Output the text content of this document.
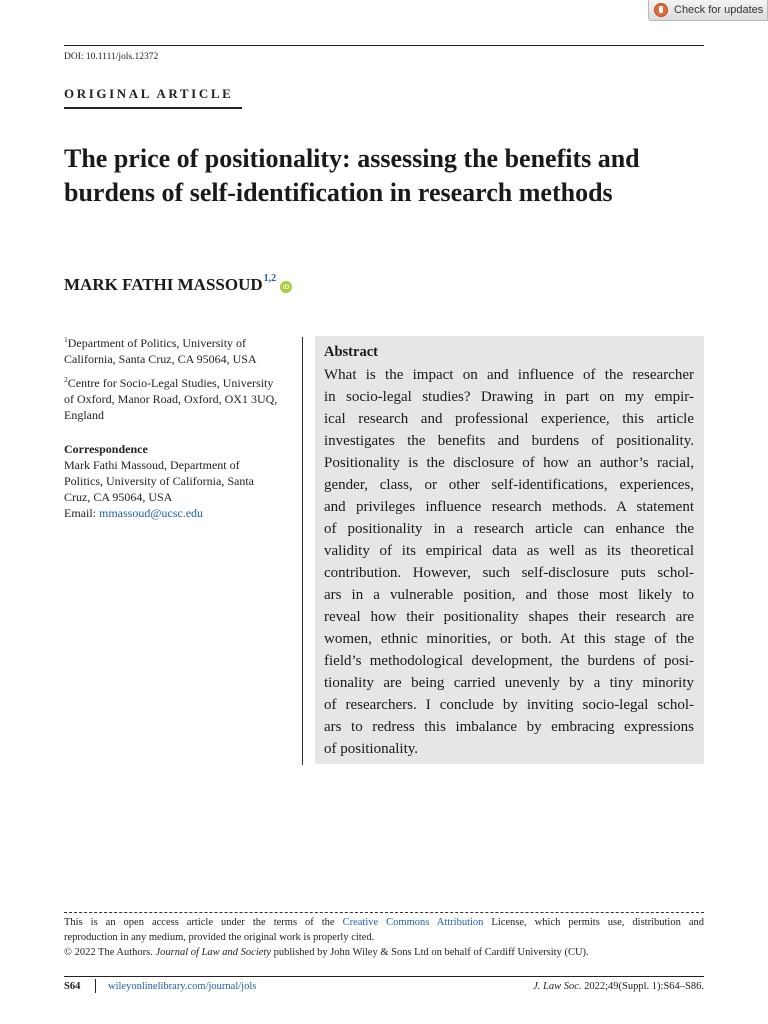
Check for updates
DOI: 10.1111/jols.12372
ORIGINAL ARTICLE
The price of positionality: assessing the benefits and burdens of self-identification in research methods
MARK FATHI MASSOUD$^{1,2}$
iD
$^1$Department of Politics, University of California, Santa Cruz, CA 95064, USA
$^2$Centre for Socio-Legal Studies, University of Oxford, Manor Road, Oxford, OX1 3UQ, England
Correspondence
Mark Fathi Massoud, Department of Politics, University of California, Santa Cruz, CA 95064, USA
Email: mmassoud@ucsc.edu
Abstract
What is the impact on and influence of the researcher
in socio-legal studies? Drawing in part on my empir-
ical research and professional experience, this article
investigates the benefits and burdens of positionality.
Positionality is the disclosure of how an author’s racial,
gender, class, or other self-identifications, experiences,
and privileges influence research methods. A statement
of positionality in a research article can enhance the
validity of its empirical data as well as its theoretical
contribution. However, such self-disclosure puts schol-
ars in a vulnerable position, and those most likely to
reveal how their positionality shapes their research are
women, ethnic minorities, or both. At this stage of the
field’s methodological development, the burdens of posi-
tionality are being carried unevenly by a tiny minority
of researchers. I conclude by inviting socio-legal schol-
ars to redress this imbalance by embracing expressions
of positionality.
This is an open access article under the terms of the Creative Commons Attribution License, which permits use, distribution and
reproduction in any medium, provided the original work is properly cited.
© 2022 The Authors. Journal of Law and Society published by John Wiley & Sons Ltd on behalf of Cardiff University (CU).
S64	wileyonlinelibrary.com/journal/jols	J. Law Soc. 2022;49(Suppl. 1):S64–S86.
